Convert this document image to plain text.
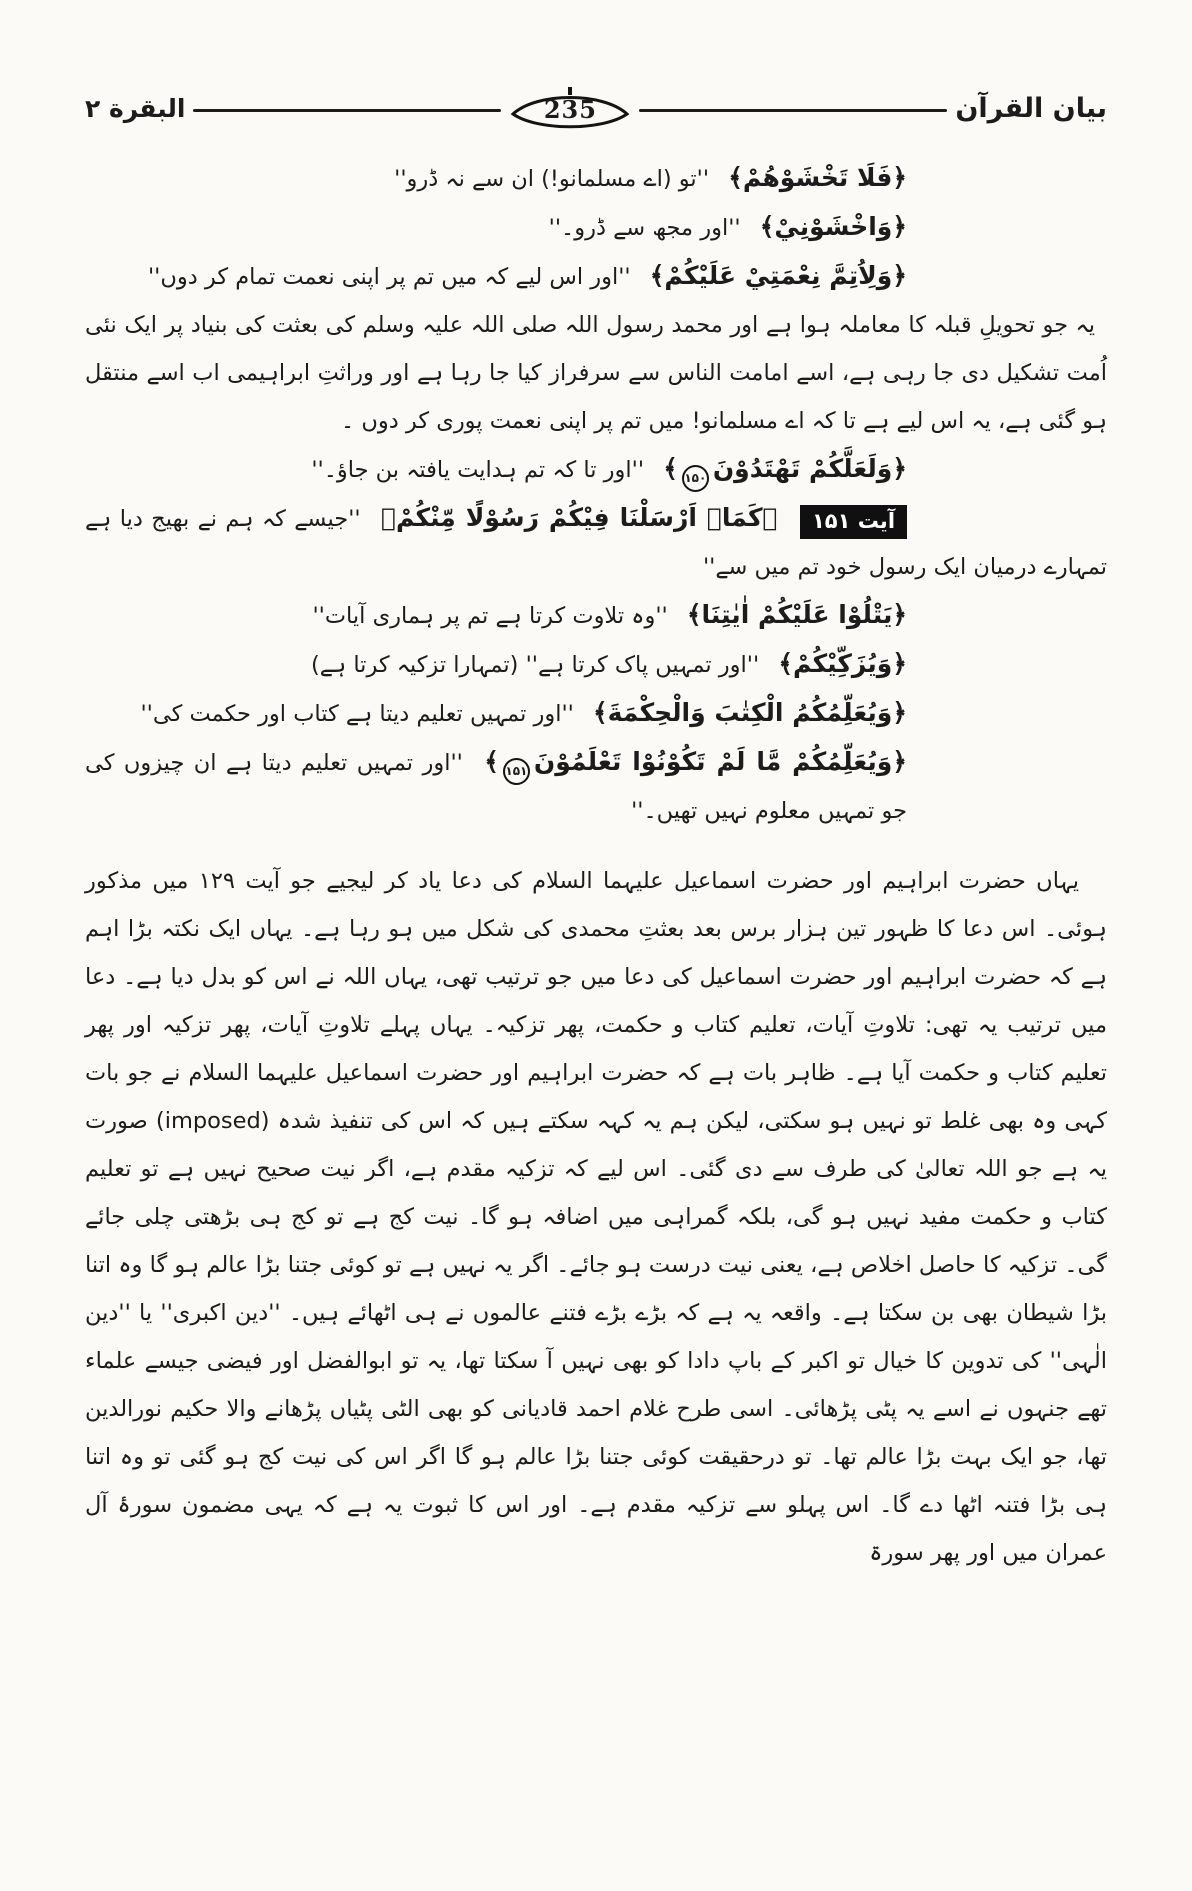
البقرة ۲	235	بیان القرآن

﴿فَلَا تَخْشَوْهُمْ﴾ ''تو (اے مسلمانو!) ان سے نہ ڈرو''

﴿وَاخْشَوْنِيْ﴾ ''اور مجھ سے ڈرو۔''

﴿وَلِاُتِمَّ نِعْمَتِيْ عَلَيْكُمْ﴾ ''اور اس لیے کہ میں تم پر اپنی نعمت تمام کر دوں''

یہ جو تحویلِ قبلہ کا معاملہ ہوا ہے اور محمد رسول اللہ صلی اللہ علیہ وسلم کی بعثت کی بنیاد پر ایک نئی اُمت تشکیل دی جا رہی ہے، اسے امامت الناس سے سرفراز کیا جا رہا ہے اور وراثتِ ابراہیمی اب اسے منتقل ہو گئی ہے، یہ اس لیے ہے تا کہ اے مسلمانو! میں تم پر اپنی نعمت پوری کر دوں ۔

﴿وَلَعَلَّكُمْ تَهْتَدُوْنَ۱۵۰﴾ ''اور تا کہ تم ہدایت یافتہ بن جاؤ۔''

آیت ۱۵۱ ﴿كَمَاۤ اَرْسَلْنَا فِيْكُمْ رَسُوْلًا مِّنْكُمْ﴾ ''جیسے کہ ہم نے بھیج دیا ہے تمہارے درمیان ایک رسول خود تم میں سے''

﴿يَتْلُوْا عَلَيْكُمْ اٰيٰتِنَا﴾ ''وہ تلاوت کرتا ہے تم پر ہماری آیات''

﴿وَيُزَكِّيْكُمْ﴾ ''اور تمہیں پاک کرتا ہے'' (تمہارا تزکیہ کرتا ہے)

﴿وَيُعَلِّمُكُمُ الْكِتٰبَ وَالْحِكْمَةَ﴾ ''اور تمہیں تعلیم دیتا ہے کتاب اور حکمت کی''

﴿وَيُعَلِّمُكُمْ مَّا لَمْ تَكُوْنُوْا تَعْلَمُوْنَ۱۵۱﴾ ''اور تمہیں تعلیم دیتا ہے ان چیزوں کی جو تمہیں معلوم نہیں تھیں۔''

یہاں حضرت ابراہیم اور حضرت اسماعیل علیہما السلام کی دعا یاد کر لیجیے جو آیت ۱۲۹ میں مذکور ہوئی۔ اس دعا کا ظہور تین ہزار برس بعد بعثتِ محمدی کی شکل میں ہو رہا ہے۔ یہاں ایک نکتہ بڑا اہم ہے کہ حضرت ابراہیم اور حضرت اسماعیل کی دعا میں جو ترتیب تھی، یہاں اللہ نے اس کو بدل دیا ہے۔ دعا میں ترتیب یہ تھی: تلاوتِ آیات، تعلیم کتاب و حکمت، پھر تزکیہ۔ یہاں پہلے تلاوتِ آیات، پھر تزکیہ اور پھر تعلیم کتاب و حکمت آیا ہے۔ ظاہر بات ہے کہ حضرت ابراہیم اور حضرت اسماعیل علیہما السلام نے جو بات کہی وہ بھی غلط تو نہیں ہو سکتی، لیکن ہم یہ کہہ سکتے ہیں کہ اس کی تنفیذ شدہ (imposed) صورت یہ ہے جو اللہ تعالیٰ کی طرف سے دی گئی۔ اس لیے کہ تزکیہ مقدم ہے، اگر نیت صحیح نہیں ہے تو تعلیم کتاب و حکمت مفید نہیں ہو گی، بلکہ گمراہی میں اضافہ ہو گا۔ نیت کج ہے تو کج ہی بڑھتی چلی جائے گی۔ تزکیہ کا حاصل اخلاص ہے، یعنی نیت درست ہو جائے۔ اگر یہ نہیں ہے تو کوئی جتنا بڑا عالم ہو گا وہ اتنا بڑا شیطان بھی بن سکتا ہے۔ واقعہ یہ ہے کہ بڑے بڑے فتنے عالموں نے ہی اٹھائے ہیں۔ ''دین اکبری'' یا ''دین الٰہی'' کی تدوین کا خیال تو اکبر کے باپ دادا کو بھی نہیں آ سکتا تھا، یہ تو ابوالفضل اور فیضی جیسے علماء تھے جنہوں نے اسے یہ پٹی پڑھائی۔ اسی طرح غلام احمد قادیانی کو بھی الٹی پٹیاں پڑھانے والا حکیم نورالدین تھا، جو ایک بہت بڑا عالم تھا۔ تو درحقیقت کوئی جتنا بڑا عالم ہو گا اگر اس کی نیت کج ہو گئی تو وہ اتنا ہی بڑا فتنہ اٹھا دے گا۔ اس پہلو سے تزکیہ مقدم ہے۔ اور اس کا ثبوت یہ ہے کہ یہی مضمون سورۂ آل عمران میں اور پھر سورۃ
